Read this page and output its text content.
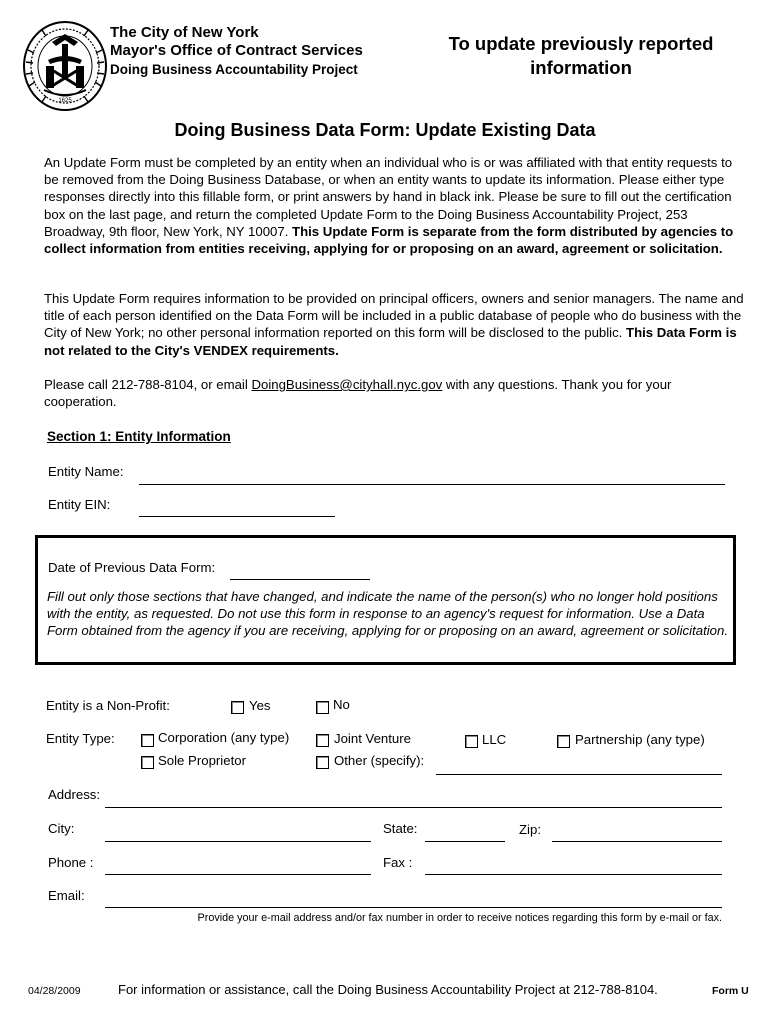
1625
The City of New York
Mayor's Office of Contract Services
Doing Business Accountability Project
To update previously reported
information
Doing Business Data Form: Update Existing Data
An Update Form must be completed by an entity when an individual who is or was affiliated with that entity requests to be removed from the Doing Business Database, or when an entity wants to update its information. Please either type responses directly into this fillable form, or print answers by hand in black ink. Please be sure to fill out the certification box on the last page, and return the completed Update Form to the Doing Business Accountability Project, 253 Broadway, 9th floor, New York, NY 10007. This Update Form is separate from the form distributed by agencies to collect information from entities receiving, applying for or proposing on an award, agreement or solicitation.
This Update Form requires information to be provided on principal officers, owners and senior managers. The name and title of each person identified on the Data Form will be included in a public database of people who do business with the City of New York; no other personal information reported on this form will be disclosed to the public. This Data Form is not related to the City's VENDEX requirements.
Please call 212-788-8104, or email DoingBusiness@cityhall.nyc.gov with any questions. Thank you for your cooperation.
Section 1: Entity Information
Entity Name:
Entity EIN:
Date of Previous Data Form:
Fill out only those sections that have changed, and indicate the name of the person(s) who no longer hold positions with the entity, as requested. Do not use this form in response to an agency's request for information. Use a Data Form obtained from the agency if you are receiving, applying for or proposing on an award, agreement or solicitation.
Entity is a Non-Profit:	Yes	No
Entity Type:	Corporation (any type)	Joint Venture	LLC	Partnership (any type)
Sole Proprietor	Other (specify):
Address:
City:	State:	Zip:
Phone :	Fax :
Email:
Provide your e-mail address and/or fax number in order to receive notices regarding this form by e-mail or fax.
04/28/2009	For information or assistance, call the Doing Business Accountability Project at 212-788-8104.	Form U
